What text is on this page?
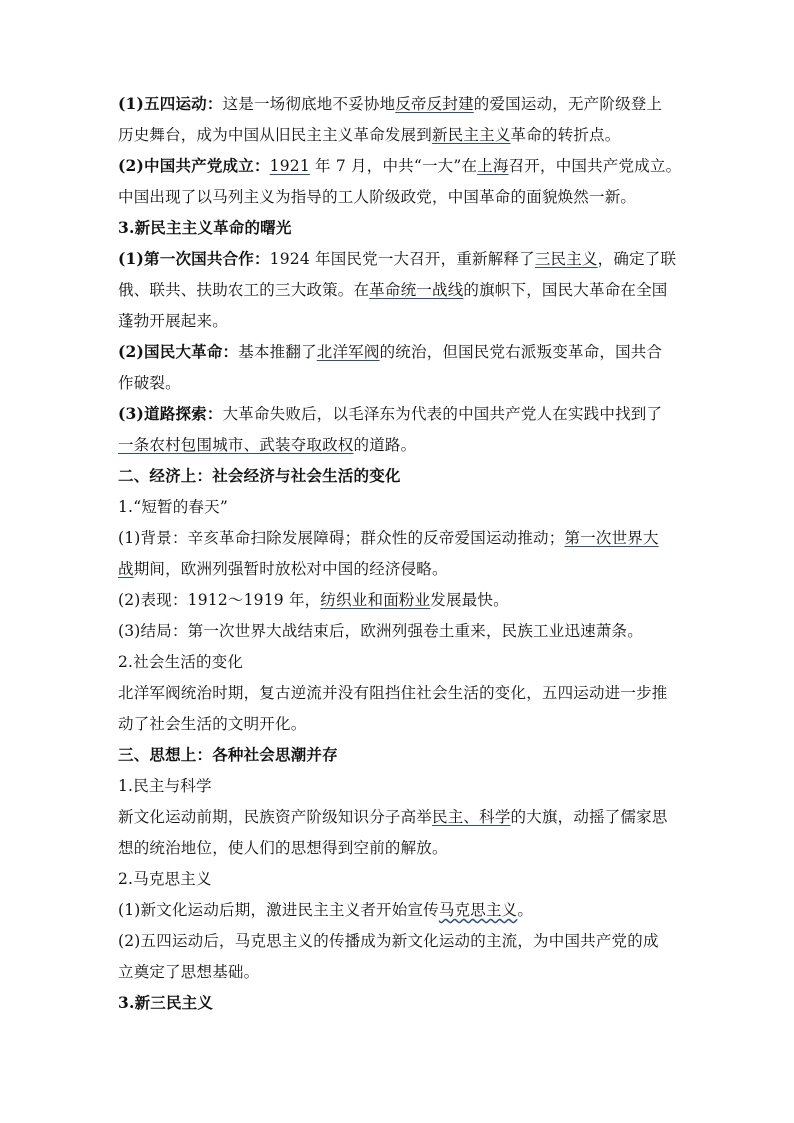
(1)五四运动：这是一场彻底地不妥协地反帝反封建的爱国运动，无产阶级登上
历史舞台，成为中国从旧民主主义革命发展到新民主主义革命的转折点。
(2)中国共产党成立：1921 年 7 月，中共“一大”在上海召开，中国共产党成立。
中国出现了以马列主义为指导的工人阶级政党，中国革命的面貌焕然一新。
3.新民主主义革命的曙光
(1)第一次国共合作：1924 年国民党一大召开，重新解释了三民主义，确定了联
俄、联共、扶助农工的三大政策。在革命统一战线的旗帜下，国民大革命在全国
蓬勃开展起来。
(2)国民大革命：基本推翻了北洋军阀的统治，但国民党右派叛变革命，国共合
作破裂。
(3)道路探索：大革命失败后，以毛泽东为代表的中国共产党人在实践中找到了
一条农村包围城市、武装夺取政权的道路。
二、经济上：社会经济与社会生活的变化
1.“短暂的春天”
(1)背景：辛亥革命扫除发展障碍；群众性的反帝爱国运动推动；第一次世界大
战期间，欧洲列强暂时放松对中国的经济侵略。
(2)表现：1912～1919 年，纺织业和面粉业发展最快。
(3)结局：第一次世界大战结束后，欧洲列强卷土重来，民族工业迅速萧条。
2.社会生活的变化
北洋军阀统治时期，复古逆流并没有阻挡住社会生活的变化，五四运动进一步推
动了社会生活的文明开化。
三、思想上：各种社会思潮并存
1.民主与科学
新文化运动前期，民族资产阶级知识分子高举民主、科学的大旗，动摇了儒家思
想的统治地位，使人们的思想得到空前的解放。
2.马克思主义
(1)新文化运动后期，激进民主主义者开始宣传马克思主义。
(2)五四运动后，马克思主义的传播成为新文化运动的主流，为中国共产党的成
立奠定了思想基础。
3.新三民主义
